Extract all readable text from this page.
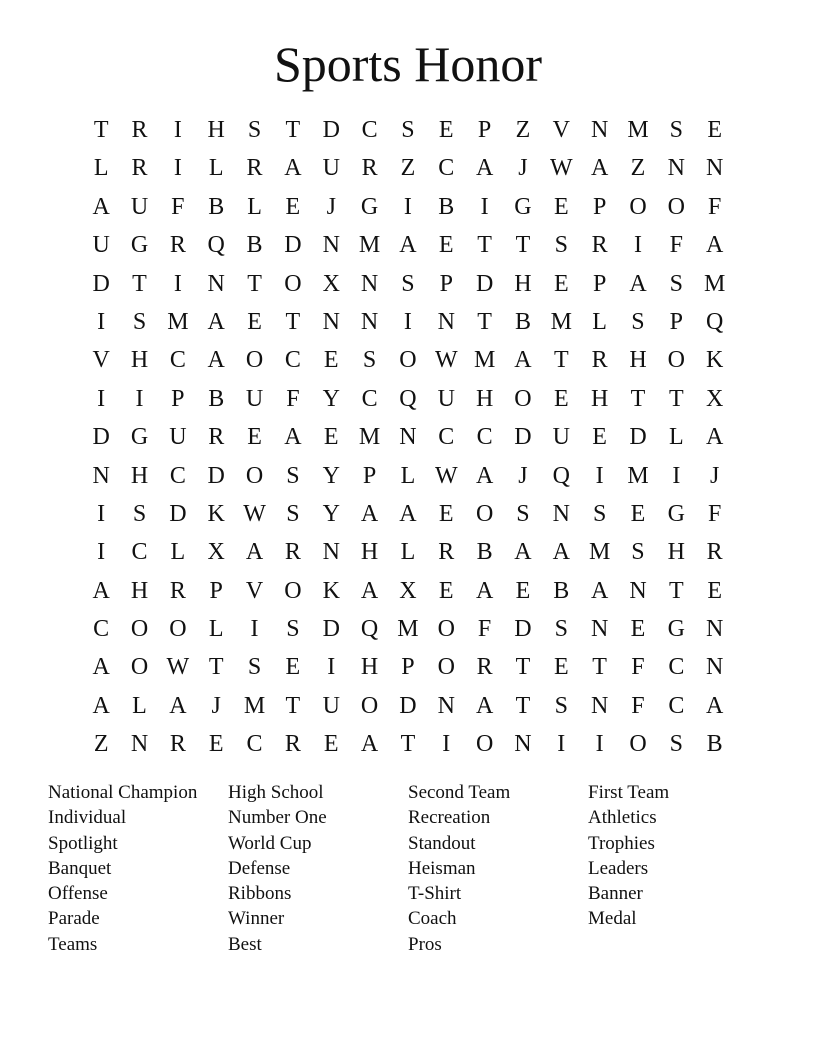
Sports Honor
T R	I	H S	T D C S	E	P	Z V N M S	E
L R	I	L R A U R Z C A	J W A Z N N
A U F B L E	J	G	I	B	I	G E	P O O F
U G R Q B D N M A E T T	S R	I	F A
D T	I	N T O X N S	P D H E	P A S M
I	S M A E T N N	I	N T B M L	S	P Q
V H C A O C E	S O W M A T R H O K
I	I	P B U F Y C Q U H O E H T T X
D G U R E A E M N C C D U E D L A
N H C D O S Y P	L W A	J	Q	I M I	J
I	S D K W S Y A A E O S N S	E G F
I	C L X A R N H L R B A A M S H R
A H R P V O K A X E A E B A N T E
C O O L	I	S D Q M O F D S N E G N
A O W T	S	E	I	H P O R T E T	F C N
A L A	J M T U O D N A T	S N F C A
Z N R E C R E A T	I	O N	I	I	O S B
National Champion
Individual
Spotlight
Banquet
Offense
Parade
Teams
High School
Number One
World Cup
Defense
Ribbons
Winner
Best
Second Team
Recreation
Standout
Heisman
T-Shirt
Coach
Pros
First Team
Athletics
Trophies
Leaders
Banner
Medal
